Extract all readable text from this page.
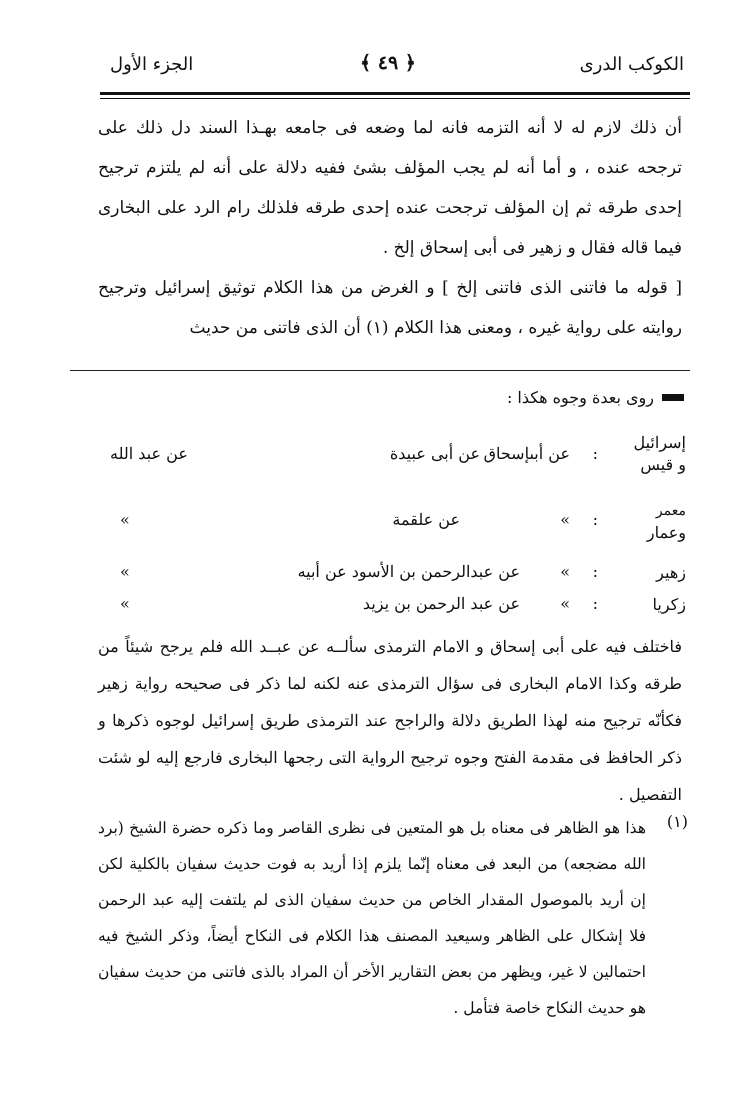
الكوكب الدرى
﴿ ٤٩ ﴾
الجزء الأول

أن ذلك لازم له لا أنه التزمه فانه لما وضعه فى جامعه بهـذا السند دل ذلك على ترجحه عنده ، و أما أنه لم يجب المؤلف بشئ ففيه دلالة على أنه لم يلتزم ترجيح إحدى طرقه ثم إن المؤلف ترجحت عنده إحدى طرقه فلذلك رام الرد على البخارى فيما قاله فقال و زهير فى أبى إسحاق إلخ .

[ قوله ما فاتنى الذى فاتنى إلخ ] و الغرض من هذا الكلام توثيق إسرائيل وترجيح روايته على رواية غيره ، ومعنى هذا الكلام (١) أن الذى فاتنى من حديث

روى بعدة وجوه هكذا :
إسرائيل
و قيس
:
عن أبىإسحاق
عن أبى عبيدة
عن عبد الله
معمر
وعمار
:
»
عن علقمة
»
زهير
:
»
عن عبدالرحمن بن الأسود عن أبيه
»
زكريا
:
»
عن عبد الرحمن بن يزيد
»

فاختلف فيه على أبى إسحاق و الامام الترمذى سألــه عن عبــد الله فلم يرجح شيئاً من طرقه وكذا الامام البخارى فى سؤال الترمذى عنه لكنه لما ذكر فى صحيحه رواية زهير فكأنّه ترجيح منه لهذا الطريق دلالة والراجح عند الترمذى طريق إسرائيل لوجوه ذكرها و ذكر الحافظ فى مقدمة الفتح وجوه ترجيح الرواية التى رجحها البخارى فارجع إليه لو شئت التفصيل .

(١)

هذا هو الظاهر فى معناه بل هو المتعين فى نظرى القاصر وما ذكره حضرة الشيخ (برد الله مضجعه) من البعد فى معناه إنّما يلزم إذا أريد به فوت حديث سفيان بالكلية لكن إن أريد بالموصول المقدار الخاص من حديث سفيان الذى لم يلتفت إليه عبد الرحمن فلا إشكال على الظاهر وسيعيد المصنف هذا الكلام فى النكاح أيضاً، وذكر الشيخ فيه احتمالين لا غير، ويظهر من بعض التقارير الأخر أن المراد بالذى فاتنى من حديث سفيان هو حديث النكاح خاصة فتأمل .
